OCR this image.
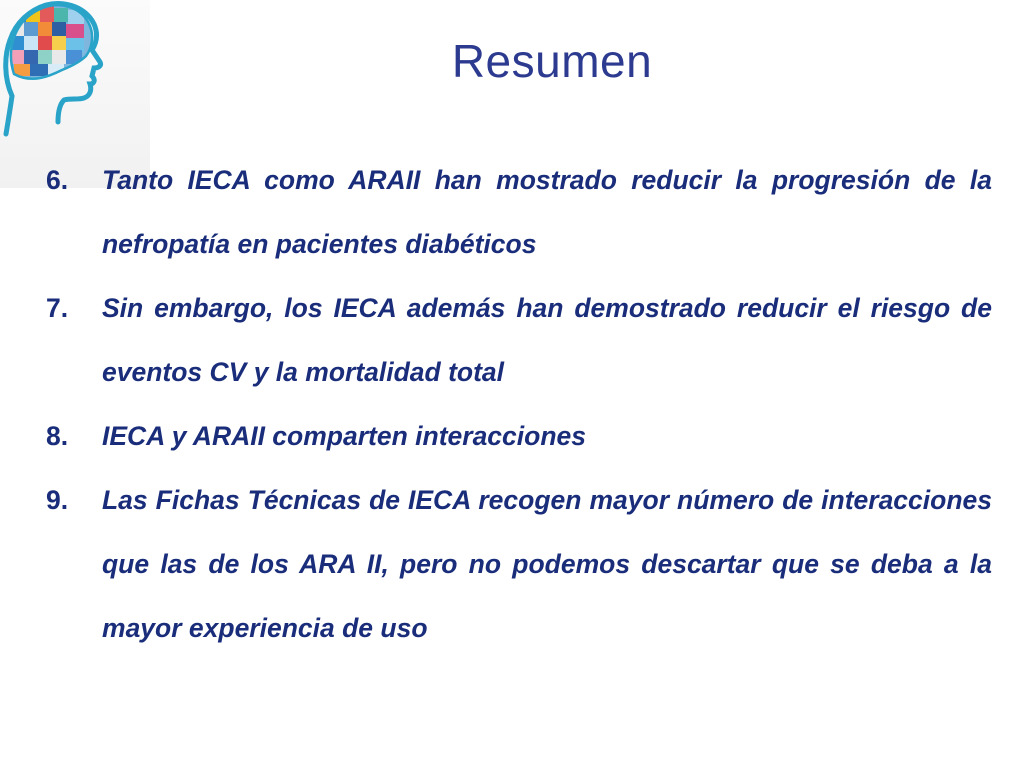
Resumen
6. Tanto IECA como ARAII han mostrado reducir la progresión de la nefropatía en pacientes diabéticos
7. Sin embargo, los IECA además han demostrado reducir el riesgo de eventos CV y la mortalidad total
8. IECA y ARAII comparten interacciones
9. Las Fichas Técnicas de IECA recogen mayor número de interacciones que las de los ARA II, pero no podemos descartar que se deba a la mayor experiencia de uso
